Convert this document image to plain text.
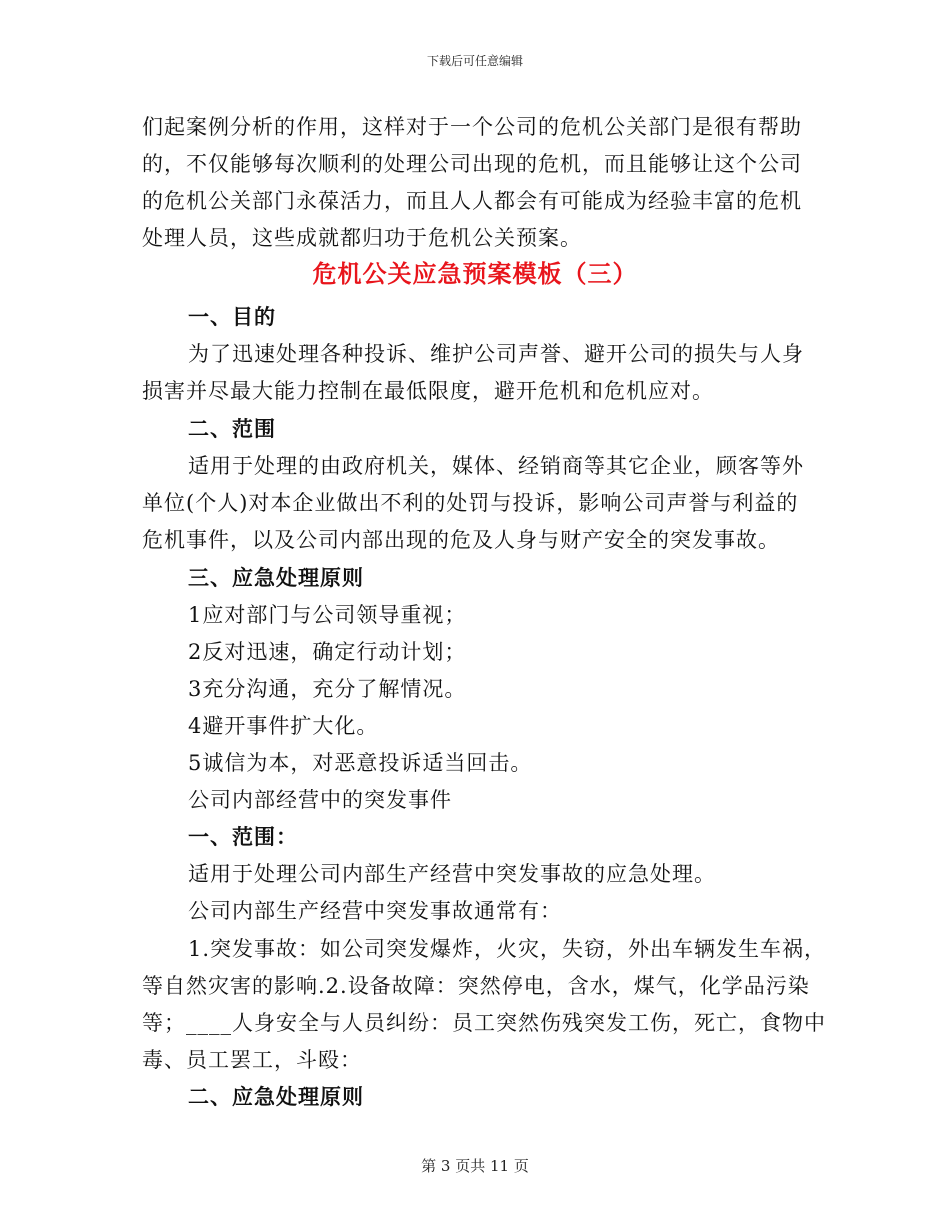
下载后可任意编辑
们起案例分析的作用，这样对于一个公司的危机公关部门是很有帮助
的，不仅能够每次顺利的处理公司出现的危机，而且能够让这个公司
的危机公关部门永葆活力，而且人人都会有可能成为经验丰富的危机
处理人员，这些成就都归功于危机公关预案。
危机公关应急预案模板（三）
一、目的
为了迅速处理各种投诉、维护公司声誉、避开公司的损失与人身
损害并尽最大能力控制在最低限度，避开危机和危机应对。
二、范围
适用于处理的由政府机关，媒体、经销商等其它企业，顾客等外
单位(个人)对本企业做出不利的处罚与投诉，影响公司声誉与利益的
危机事件，以及公司内部出现的危及人身与财产安全的突发事故。
三、应急处理原则
1应对部门与公司领导重视；
2反对迅速，确定行动计划；
3充分沟通，充分了解情况。
4避开事件扩大化。
5诚信为本，对恶意投诉适当回击。
公司内部经营中的突发事件
一、范围：
适用于处理公司内部生产经营中突发事故的应急处理。
公司内部生产经营中突发事故通常有：
1.突发事故：如公司突发爆炸，火灾，失窃，外出车辆发生车祸，
等自然灾害的影响.2.设备故障：突然停电，含水，煤气，化学品污染
等；____人身安全与人员纠纷：员工突然伤残突发工伤，死亡，食物中
毒、员工罢工，斗殴：
二、应急处理原则
第 3 页共 11 页
